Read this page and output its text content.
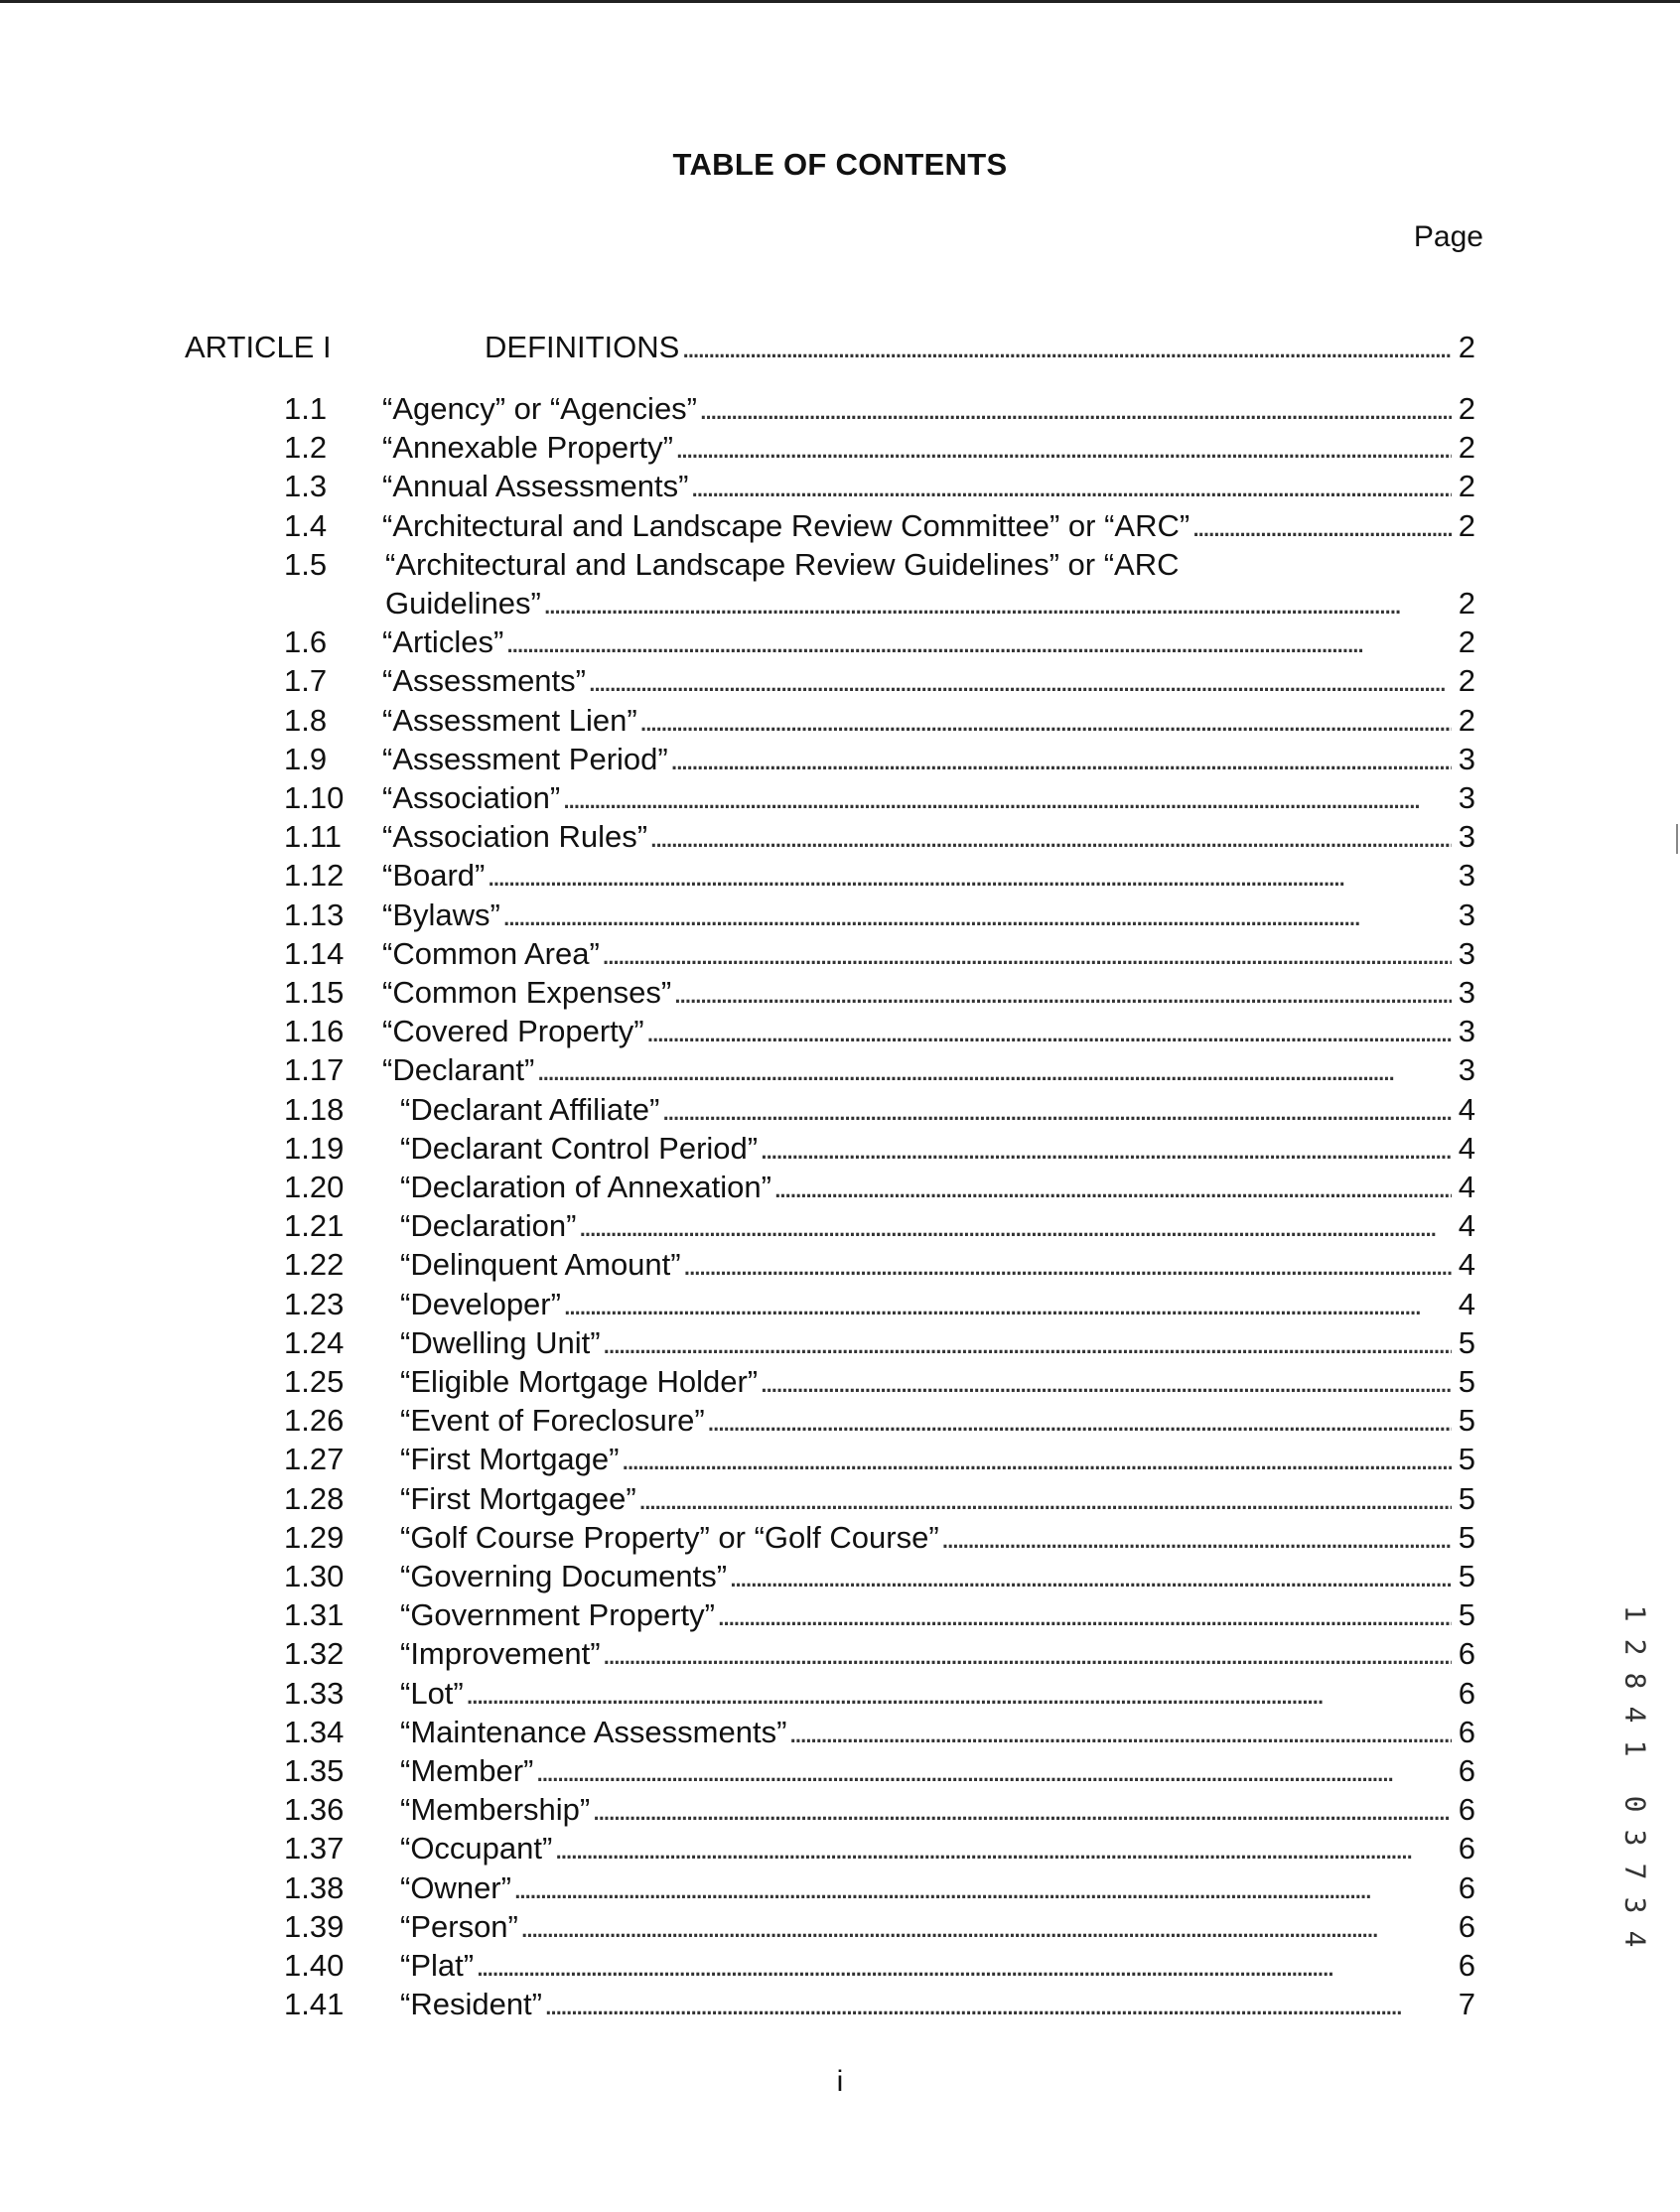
TABLE OF CONTENTS
Page
ARTICLE I	DEFINITIONS . . .	2
1.1 “Agency” or “Agencies” . . .	2
1.2 “Annexable Property” . . .	2
1.3 “Annual Assessments” . . .	2
1.4 “Architectural and Landscape Review Committee” or “ARC” . . .	2
1.5 “Architectural and Landscape Review Guidelines” or “ARC
Guidelines” . . .	2
1.6 “Articles” . . .	2
1.7 “Assessments” . . .	2
1.8 “Assessment Lien” . . .	2
1.9 “Assessment Period” . . .	3
1.10 “Association” . . .	3
1.11 “Association Rules” . . .	3
1.12 “Board” . . .	3
1.13 “Bylaws” . . .	3
1.14 “Common Area” . . .	3
1.15 “Common Expenses” . . .	3
1.16 “Covered Property” . . .	3
1.17 “Declarant” . . .	3
1.18 “Declarant Affiliate” . . .	4
1.19 “Declarant Control Period” . . .	4
1.20 “Declaration of Annexation” . . .	4
1.21 “Declaration” . . .	4
1.22 “Delinquent Amount” . . .	4
1.23 “Developer” . . .	4
1.24 “Dwelling Unit” . . .	5
1.25 “Eligible Mortgage Holder” . . .	5
1.26 “Event of Foreclosure” . . .	5
1.27 “First Mortgage” . . .	5
1.28 “First Mortgagee” . . .	5
1.29 “Golf Course Property” or “Golf Course” . . .	5
1.30 “Governing Documents” . . .	5
1.31 “Government Property” . . .	5
1.32 “Improvement” . . .	6
1.33 “Lot” . . .	6
1.34 “Maintenance Assessments” . . .	6
1.35 “Member” . . .	6
1.36 “Membership” . . .	6
1.37 “Occupant” . . .	6
1.38 “Owner” . . .	6
1.39 “Person” . . .	6
1.40 “Plat” . . .	6
1.41 “Resident” . . .	7
i
1
2
8
4
1
0
3
7
3
4
